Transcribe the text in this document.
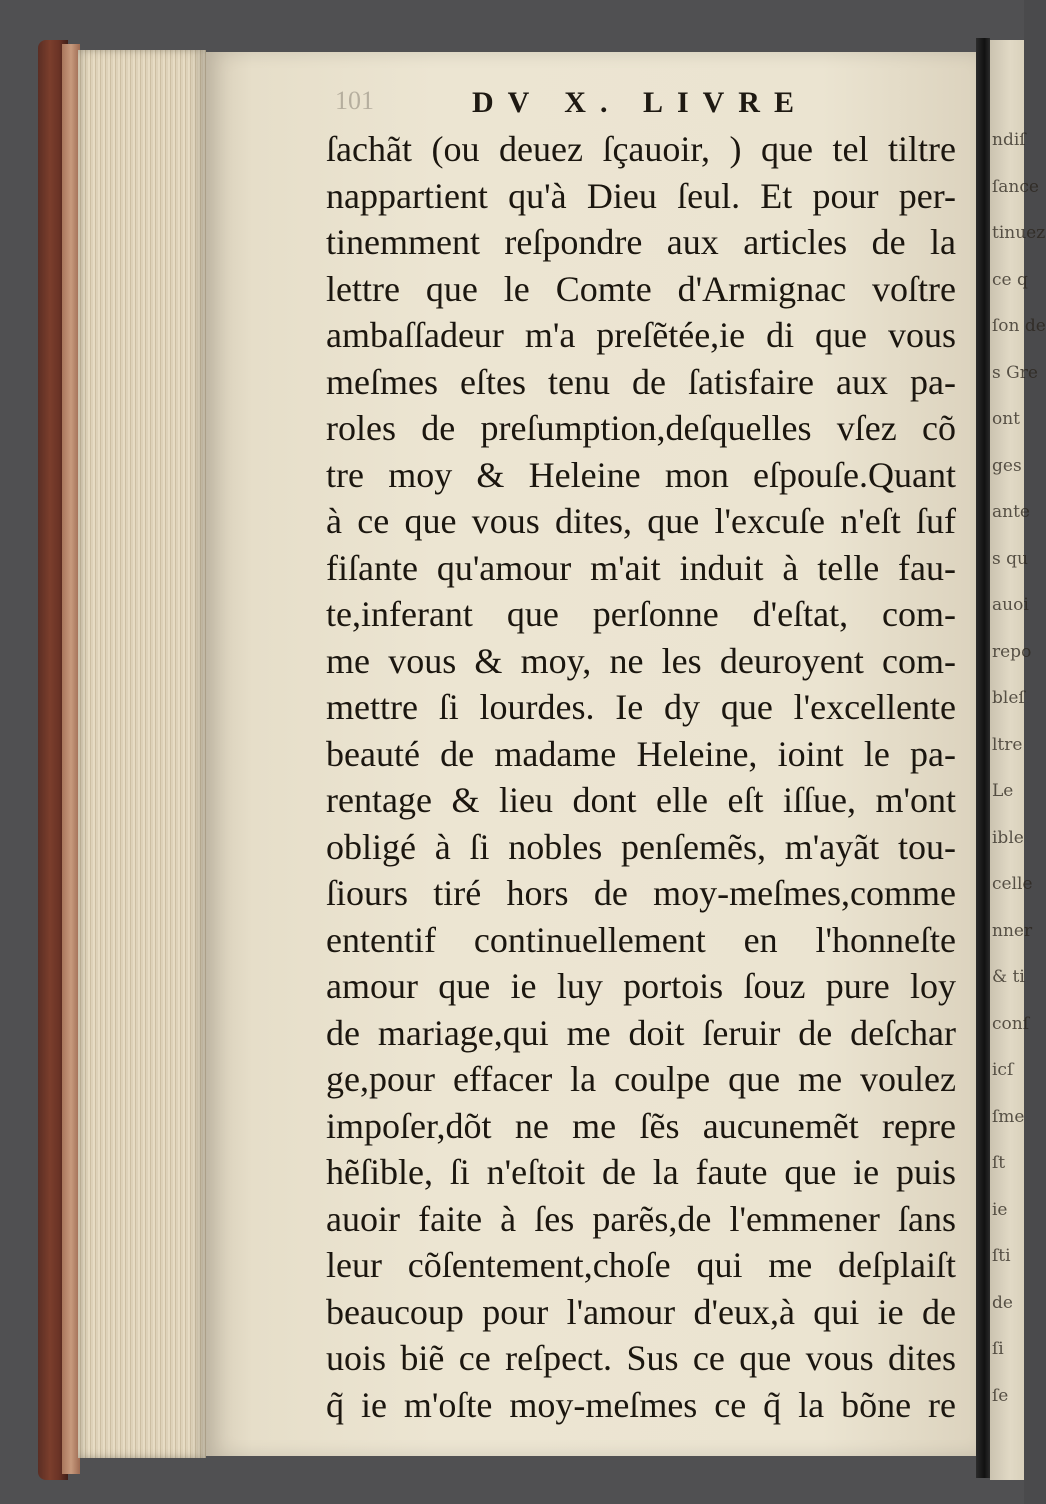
101	DV X. LIVRE
ſachãt (ou deuez ſçauoir, ) que tel tiltre
nappartient qu'à Dieu ſeul. Et pour per-
tinemment reſpondre aux articles de la
lettre que le Comte d'Armignac voſtre
ambaſſadeur m'a preſẽtée,ie di que vous
meſmes eſtes tenu de ſatisfaire aux pa-
roles de preſumption,deſquelles vſez cõ
tre moy & Heleine mon eſpouſe.Quant
à ce que vous dites, que l'excuſe n'eſt ſuf
fiſante qu'amour m'ait induit à telle fau-
te,inferant que perſonne d'eſtat, com-
me vous & moy, ne les deuroyent com-
mettre ſi lourdes. Ie dy que l'excellente
beauté de madame Heleine, ioint le pa-
rentage & lieu dont elle eſt iſſue, m'ont
obligé à ſi nobles penſemẽs, m'ayãt tou-
ſiours tiré hors de moy-meſmes,comme
ententif continuellement en l'honneſte
amour que ie luy portois ſouz pure loy
de mariage,qui me doit ſeruir de deſchar
ge,pour effacer la coulpe que me voulez
impoſer,dõt ne me ſẽs aucunemẽt repre
hẽſible, ſi n'eſtoit de la faute que ie puis
auoir faite à ſes parẽs,de l'emmener ſans
leur cõſentement,choſe qui me deſplaiſt
beaucoup pour l'amour d'eux,à qui ie de
uois biẽ ce reſpect. Sus ce que vous dites
q̃ ie m'oſte moy-meſmes ce q̃ la bõne re
ndiſ
ſance
tinuez
ce q
ſon de
s Gre
ont
ges
ante
s qu
auoi
repo
bleſ
ltre
Le
ible
celle
nner
& ti
conſ
icſ
ſme
ſt
ie
ſti
de
ſi
ſe
